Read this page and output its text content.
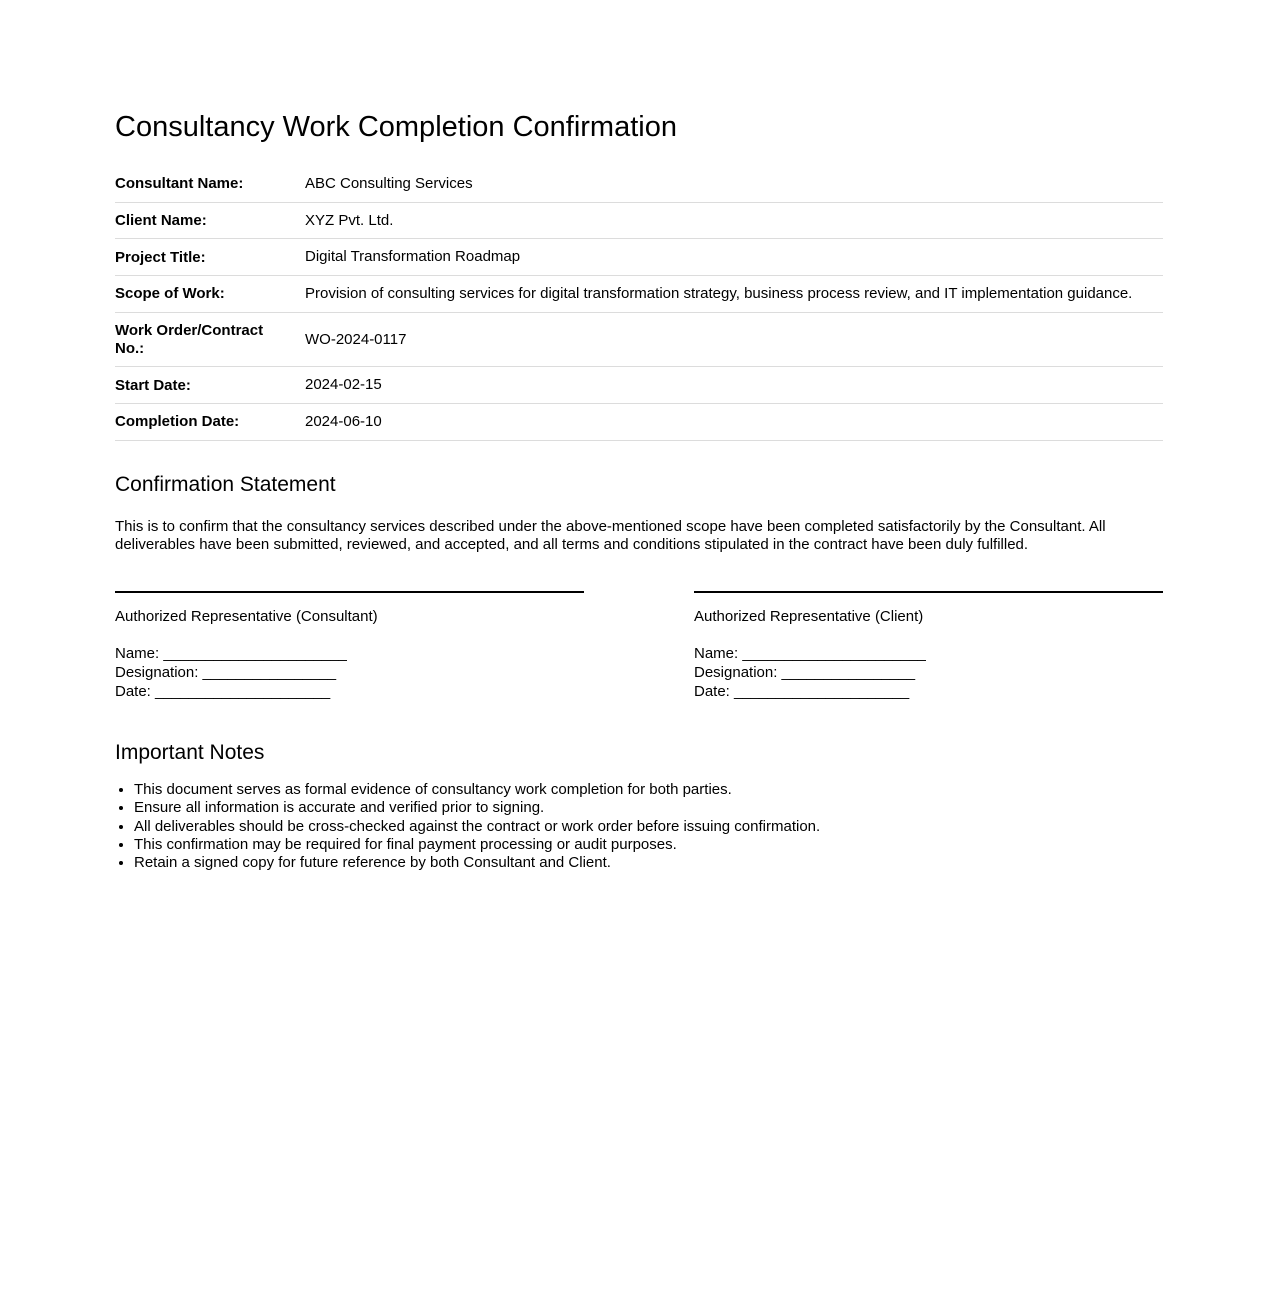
Consultancy Work Completion Confirmation
Consultant Name:	ABC Consulting Services
Client Name:	XYZ Pvt. Ltd.
Project Title:	Digital Transformation Roadmap
Scope of Work:	Provision of consulting services for digital transformation strategy, business process review, and IT implementation guidance.
Work Order/Contract No.:
WO-2024-0117
Start Date:	2024-02-15
Completion Date:	2024-06-10
Confirmation Statement

This is to confirm that the consultancy services described under the above-mentioned scope have been completed satisfactorily by the Consultant. All deliverables have been submitted, reviewed, and accepted, and all terms and conditions stipulated in the contract have been duly fulfilled.

Authorized Representative (Consultant)
Name: ______________________
Designation: ________________
Date: _____________________
Authorized Representative (Client)
Name: ______________________
Designation: ________________
Date: _____________________
Important Notes
• This document serves as formal evidence of consultancy work completion for both parties.
• Ensure all information is accurate and verified prior to signing.
• All deliverables should be cross-checked against the contract or work order before issuing confirmation.
• This confirmation may be required for final payment processing or audit purposes.
• Retain a signed copy for future reference by both Consultant and Client.
